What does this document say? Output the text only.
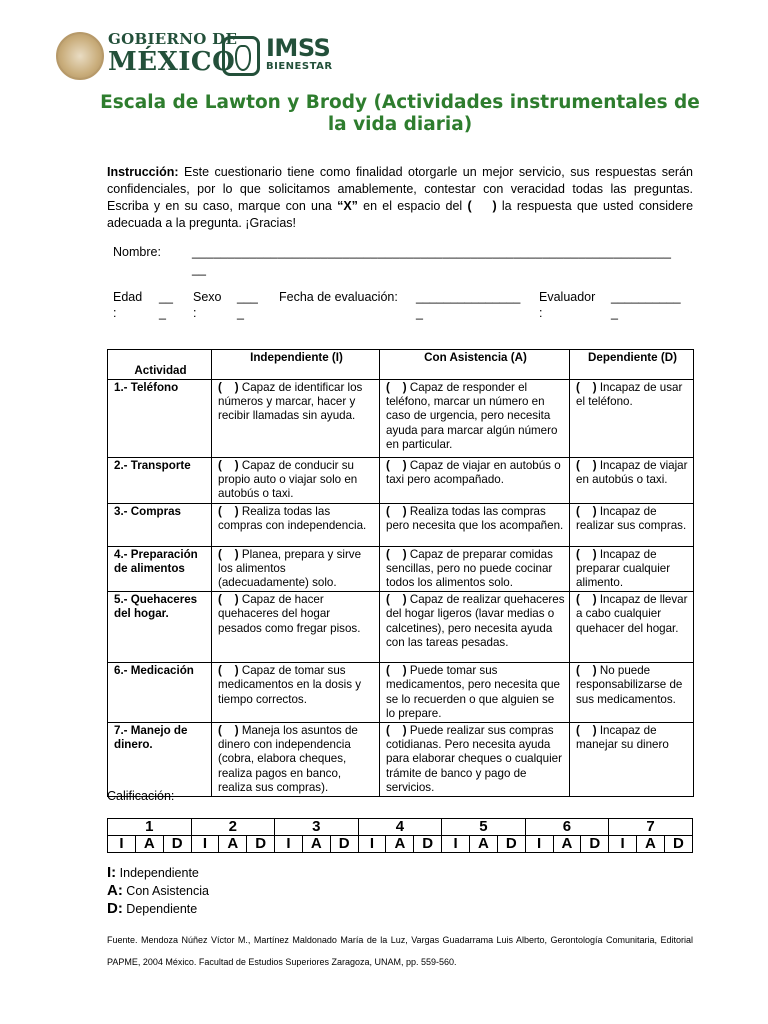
GOBIERNO DE
MÉXICO IMSS
BIENESTAR
Escala de Lawton y Brody (Actividades instrumentales de la vida diaria)
Instrucción: Este cuestionario tiene como finalidad otorgarle un mejor servicio, sus respuestas serán confidenciales, por lo que solicitamos amablemente, contestar con veracidad todas las preguntas. Escriba y en su caso, marque con una “X” en el espacio del (    ) la respuesta que usted considere adecuada a la pregunta. ¡Gracias!
Nombre: ___________________________________________________________________
__
Edad
:
__
_
Sexo
:
___
_
Fecha de evaluación: _______________
_
Evaluador
:
__________
_
Actividad	Independiente (I)	Con Asistencia (A)	Dependiente (D)
1.- Teléfono	(    ) Capaz de identificar los números y marcar, hacer y recibir llamadas sin ayuda.	(    ) Capaz de responder el teléfono, marcar un número en caso de urgencia, pero necesita ayuda para marcar algún número en particular.	(    ) Incapaz de usar el teléfono.
2.- Transporte	(    ) Capaz de conducir su propio auto o viajar solo en autobús o taxi.	(    ) Capaz de viajar en autobús o taxi pero acompañado.	(    ) Incapaz de viajar en autobús o taxi.
3.- Compras	(    ) Realiza todas las compras con independencia.	(    ) Realiza todas las compras pero necesita que los acompañen.	(    ) Incapaz de realizar sus compras.
4.- Preparación de alimentos	(    ) Planea, prepara y sirve los alimentos (adecuadamente) solo.	(    ) Capaz de preparar comidas sencillas, pero no puede cocinar todos los alimentos solo.	(    ) Incapaz de preparar cualquier alimento.
5.- Quehaceres del hogar.	(    ) Capaz de hacer quehaceres del hogar pesados como fregar pisos.	(    ) Capaz de realizar quehaceres del hogar ligeros (lavar medias o calcetines), pero necesita ayuda con las tareas pesadas.	(    ) Incapaz de llevar a cabo cualquier quehacer del hogar.
6.- Medicación	(    ) Capaz de tomar sus medicamentos en la dosis y tiempo correctos.	(    ) Puede tomar sus medicamentos, pero necesita que se lo recuerden o que alguien se lo prepare.	(    ) No puede responsabilizarse de sus medicamentos.
7.- Manejo de dinero.	(    ) Maneja los asuntos de dinero con independencia (cobra, elabora cheques, realiza pagos en banco, realiza sus compras).	(    ) Puede realizar sus compras cotidianas. Pero necesita ayuda para elaborar cheques o cualquier trámite de banco y pago de servicios.	(    ) Incapaz de manejar su dinero
Calificación:
1			2			3			4			5			6			7		
I	A	D	I	A	D	I	A	D	I	A	D	I	A	D	I	A	D	I	A	D
I: Independiente
A: Con Asistencia
D: Dependiente
Fuente. Mendoza Núñez Víctor M., Martínez Maldonado María de la Luz, Vargas Guadarrama Luis Alberto, Gerontología Comunitaria, Editorial PAPME, 2004 México. Facultad de Estudios Superiores Zaragoza, UNAM, pp. 559-560.
